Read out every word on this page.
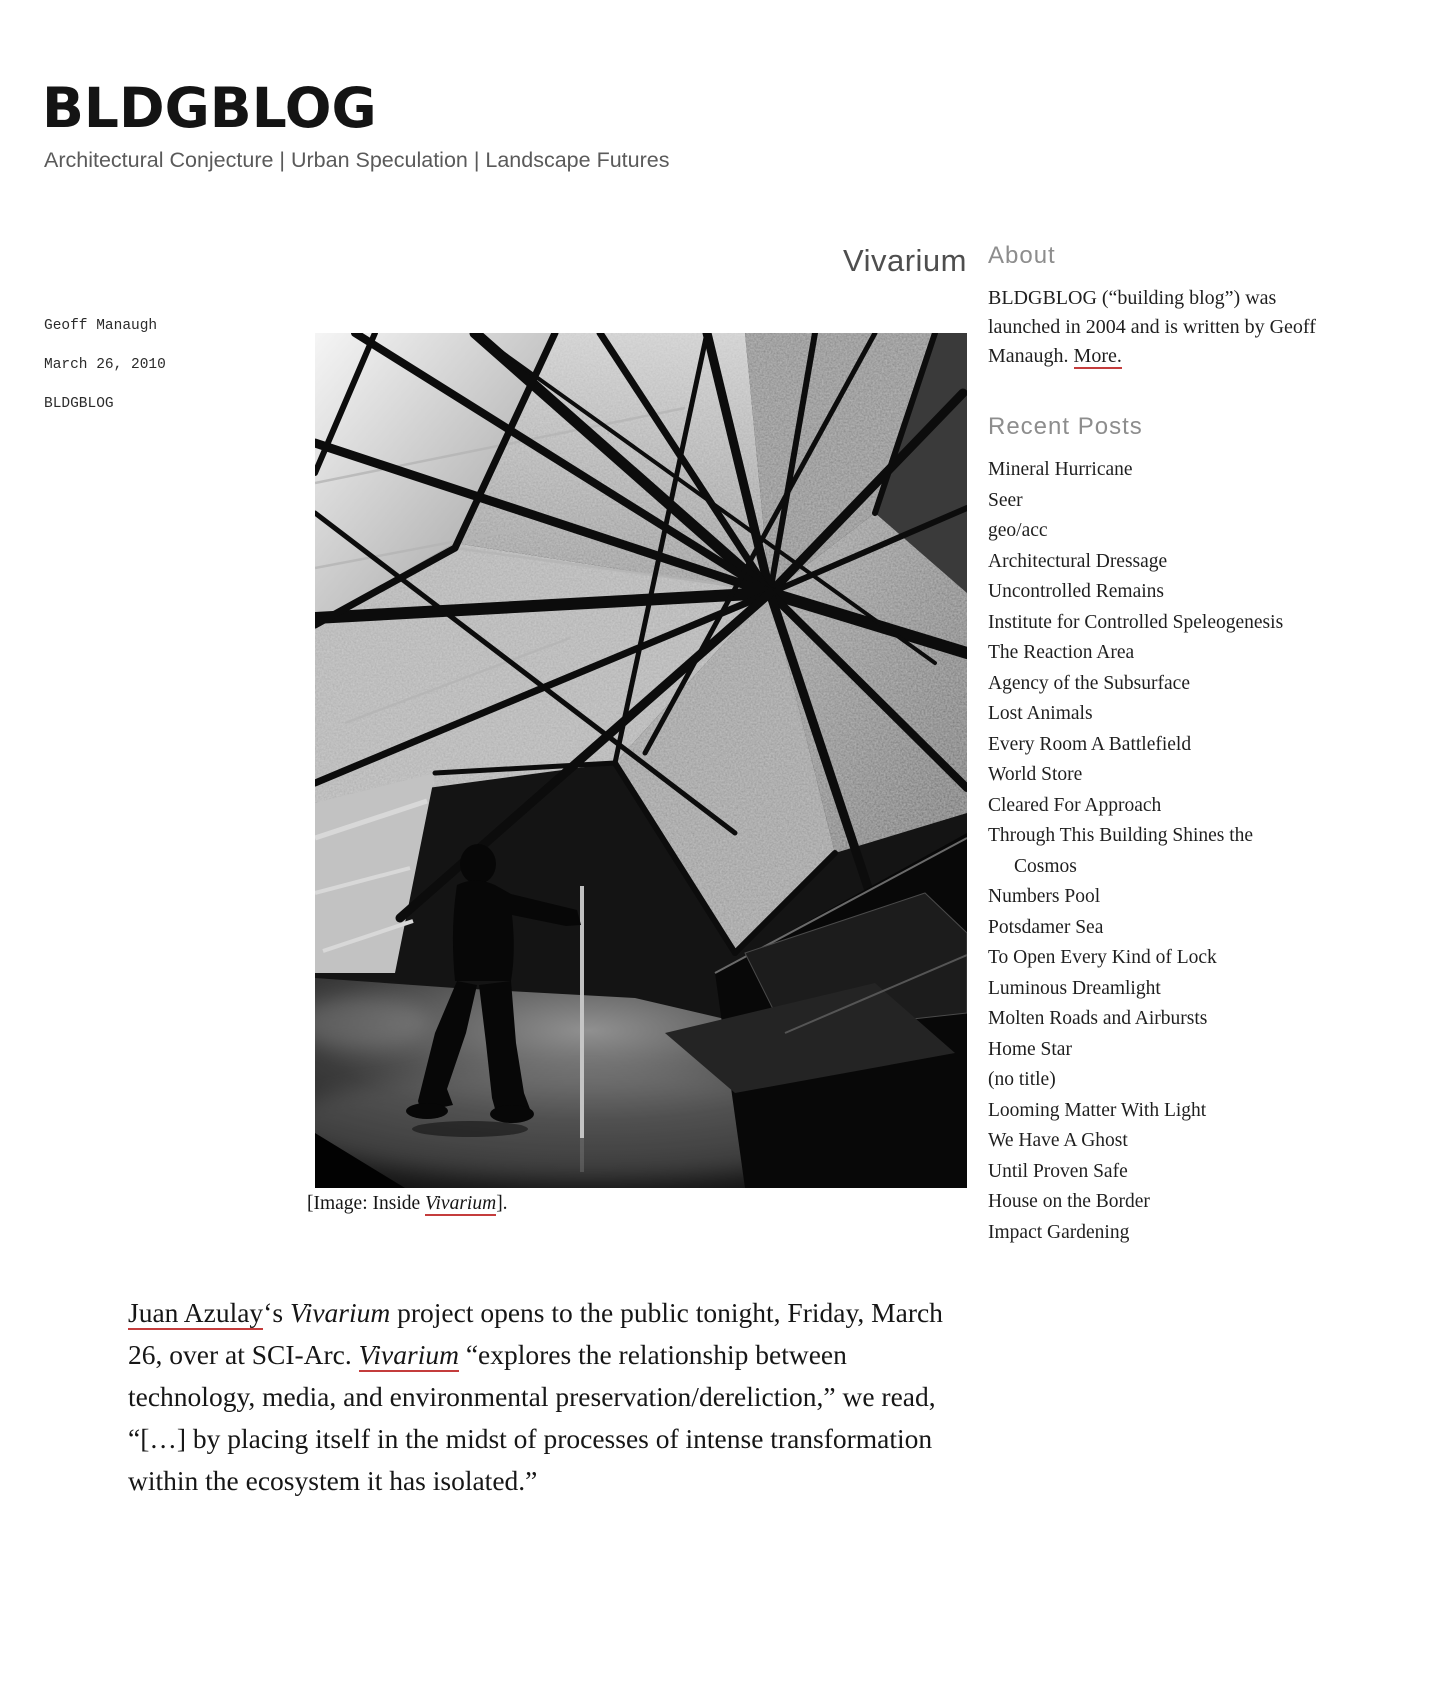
BLDGBLOG
Architectural Conjecture | Urban Speculation | Landscape Futures
Geoff Manaugh
March 26, 2010
BLDGBLOG
Vivarium
[Image: Inside Vivarium].

Juan Azulay‘s Vivarium project opens to the public tonight, Friday, March 26, over at SCI-Arc. Vivarium “explores the relationship between technology, media, and environmental preservation/dereliction,” we read, “[…] by placing itself in the midst of processes of intense transformation within the ecosystem it has isolated.”

About

BLDGBLOG (“building blog”) was launched in 2004 and is written by Geoff Manaugh. More.

Recent Posts
Mineral Hurricane
Seer
geo/acc
Architectural Dressage
Uncontrolled Remains
Institute for Controlled Speleogenesis
The Reaction Area
Agency of the Subsurface
Lost Animals
Every Room A Battlefield
World Store
Cleared For Approach
Through This Building Shines the Cosmos
Numbers Pool
Potsdamer Sea
To Open Every Kind of Lock
Luminous Dreamlight
Molten Roads and Airbursts
Home Star
(no title)
Looming Matter With Light
We Have A Ghost
Until Proven Safe
House on the Border
Impact Gardening
